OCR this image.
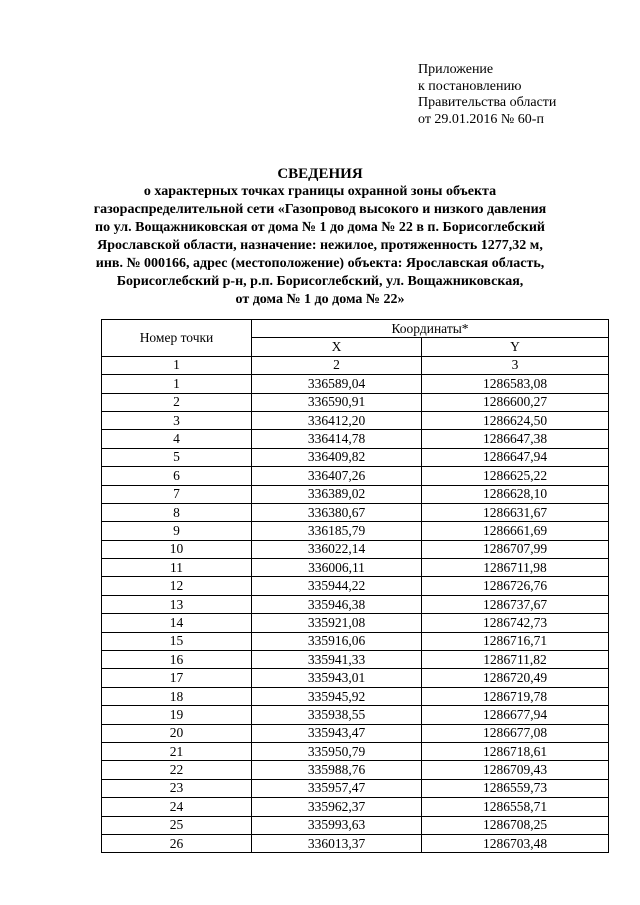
Приложение
к постановлению
Правительства области
от 29.01.2016 № 60-п
СВЕДЕНИЯ
о характерных точках границы охранной зоны объекта
газораспределительной сети «Газопровод высокого и низкого давления
по ул. Вощажниковская от дома № 1 до дома № 22 в п. Борисоглебский
Ярославской области, назначение: нежилое, протяженность 1277,32 м,
инв. № 000166, адрес (местоположение) объекта: Ярославская область,
Борисоглебский р-н, р.п. Борисоглебский, ул. Вощажниковская,
от дома № 1 до дома № 22»
Номер точки	Координаты*	
	X	Y
1	2	3
1	336589,04	1286583,08
2	336590,91	1286600,27
3	336412,20	1286624,50
4	336414,78	1286647,38
5	336409,82	1286647,94
6	336407,26	1286625,22
7	336389,02	1286628,10
8	336380,67	1286631,67
9	336185,79	1286661,69
10	336022,14	1286707,99
11	336006,11	1286711,98
12	335944,22	1286726,76
13	335946,38	1286737,67
14	335921,08	1286742,73
15	335916,06	1286716,71
16	335941,33	1286711,82
17	335943,01	1286720,49
18	335945,92	1286719,78
19	335938,55	1286677,94
20	335943,47	1286677,08
21	335950,79	1286718,61
22	335988,76	1286709,43
23	335957,47	1286559,73
24	335962,37	1286558,71
25	335993,63	1286708,25
26	336013,37	1286703,48
